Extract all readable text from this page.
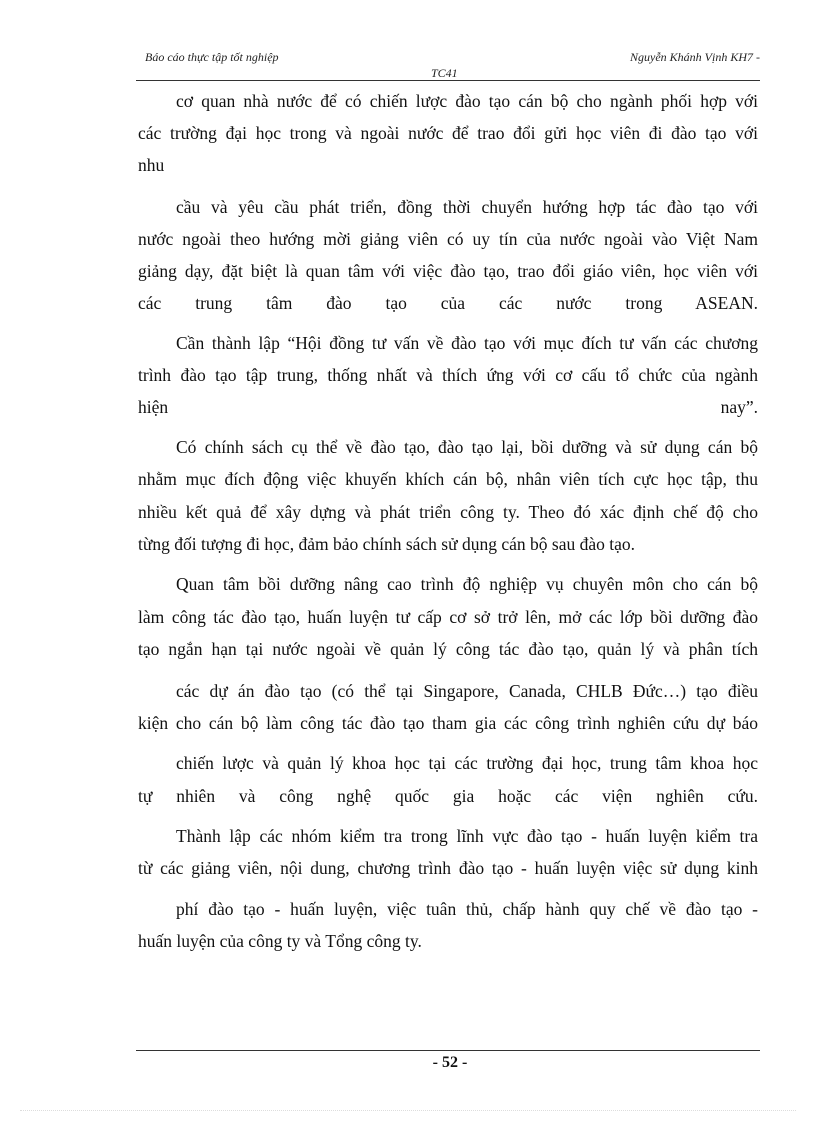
Báo cáo thực tập tốt nghiệp	Nguyễn Khánh Vịnh KH7 -
TC41
cơ quan nhà nước để có chiến lược đào tạo cán bộ cho ngành phối hợp với
các trường đại học trong và ngoài nước để trao đổi gửi học viên đi đào tạo với
nhu
cầu và yêu cầu phát triển, đồng thời chuyển hướng hợp tác đào tạo với
nước ngoài theo hướng mời giảng viên có uy tín của nước ngoài vào Việt Nam
giảng dạy, đặt biệt là quan tâm với việc đào tạo, trao đổi giáo viên, học viên với
các trung tâm đào tạo của các nước trong ASEAN.
Cần thành lập “Hội đồng tư vấn về đào tạo với mục đích tư vấn các chương
trình đào tạo tập trung, thống nhất và thích ứng với cơ cấu tổ chức của ngành
hiện nay”.
Có chính sách cụ thể về đào tạo, đào tạo lại, bồi dưỡng và sử dụng cán bộ
nhằm mục đích động việc khuyến khích cán bộ, nhân viên tích cực học tập, thu
nhiều kết quả để xây dựng và phát triển công ty. Theo đó xác định chế độ cho
từng đối tượng đi học, đảm bảo chính sách sử dụng cán bộ sau đào tạo.
Quan tâm bồi dưỡng nâng cao trình độ nghiệp vụ chuyên môn cho cán bộ
làm công tác đào tạo, huấn luyện tư cấp cơ sở trở lên, mở các lớp bồi dưỡng đào
tạo ngắn hạn tại nước ngoài về quản lý công tác đào tạo, quản lý và phân tích
các dự án đào tạo (có thể tại Singapore, Canada, CHLB Đức…) tạo điều
kiện cho cán bộ làm công tác đào tạo tham gia các công trình nghiên cứu dự báo
chiến lược và quản lý khoa học tại các trường đại học, trung tâm khoa học
tự nhiên và công nghệ quốc gia hoặc các viện nghiên cứu.
Thành lập các nhóm kiểm tra trong lĩnh vực đào tạo - huấn luyện kiểm tra
từ các giảng viên, nội dung, chương trình đào tạo - huấn luyện việc sử dụng kinh
phí đào tạo - huấn luyện, việc tuân thủ, chấp hành quy chế về đào tạo -
huấn luyện của công ty và Tổng công ty.
- 52 -
